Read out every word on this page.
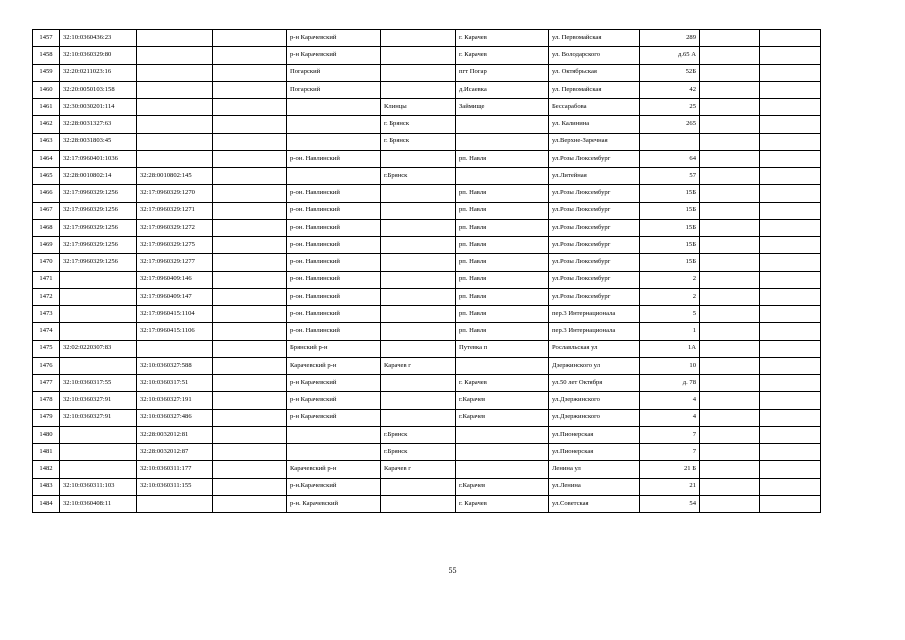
1457	32:10:0360436:23			р-н Карачевский		г. Карачев	ул. Первомайская	289		
1458	32:10:0360329:80			р-н Карачевский		г. Карачев	ул. Володарского	д.65 А		
1459	32:20:0211023:16			Погарский		пгт Погар	ул. Октябрьская	52Б		
1460	32:20:0050103:158			Погарский		д.Исаевка	ул. Первомайская	42		
1461	32:30:0030201:114				Клинцы	Займище	Бессарабова	25		
1462	32:28:0031327:63				г. Брянск		ул. Калинина	265		
1463	32:28:0031803:45				г. Брянск		ул.Верхне-Заречная			
1464	32:17:0960401:1036			р-он. Навлинский		рп. Навля	ул.Розы Люксембург	64		
1465	32:28:0010802:14	32:28:0010802:145			г.Брянск		ул.Литейная	57		
1466	32:17:0960329:1256	32:17:0960329:1270		р-он. Навлинский		рп. Навля	ул.Розы Люксембург	15Б		
1467	32:17:0960329:1256	32:17:0960329:1271		р-он. Навлинский		рп. Навля	ул.Розы Люксембург	15Б		
1468	32:17:0960329:1256	32:17:0960329:1272		р-он. Навлинский		рп. Навля	ул.Розы Люксембург	15Б		
1469	32:17:0960329:1256	32:17:0960329:1275		р-он. Навлинский		рп. Навля	ул.Розы Люксембург	15Б		
1470	32:17:0960329:1256	32:17:0960329:1277		р-он. Навлинский		рп. Навля	ул.Розы Люксембург	15Б		
1471		32:17:0960409:146		р-он. Навлинский		рп. Навля	ул.Розы Люксембург	2		
1472		32:17:0960409:147		р-он. Навлинский		рп. Навля	ул.Розы Люксембург	2		
1473		32:17:0960415:1104		р-он. Навлинский		рп. Навля	пер.3 Интернационала	5		
1474		32:17:0960415:1106		р-он. Навлинский		рп. Навля	пер.3 Интернационала	1		
1475	32:02:0220307:83			Брянский р-н		Путевка п	Рославльская ул	1А		
1476		32:10:0360327:588		Карачевский р-н	Карачев г		Дзержинского ул	10		
1477	32:10:0360317:55	32:10:0360317:51		р-н Карачевский		г. Карачев	ул.50 лет Октября	д. 78		
1478	32:10:0360327:91	32:10:0360327:191		р-н Карачевский		г.Карачев	ул.Дзержинского	4		
1479	32:10:0360327:91	32:10:0360327:486		р-н Карачевский		г.Карачев	ул.Дзержинского	4		
1480		32:28:0032012:81			г.Брянск		ул.Пионерская	7		
1481		32:28:0032012:87			г.Брянск		ул.Пионерская	7		
1482		32:10:0360311:177		Карачевский р-н	Карачев г		Ленина ул	21 Б		
1483	32:10:0360311:103	32:10:0360311:155		р-н.Карачевский		г.Карачев	ул.Ленина	21		
1484	32:10:0360408:11			р-н. Карачевский		г. Карачев	ул.Советская	54		
55
